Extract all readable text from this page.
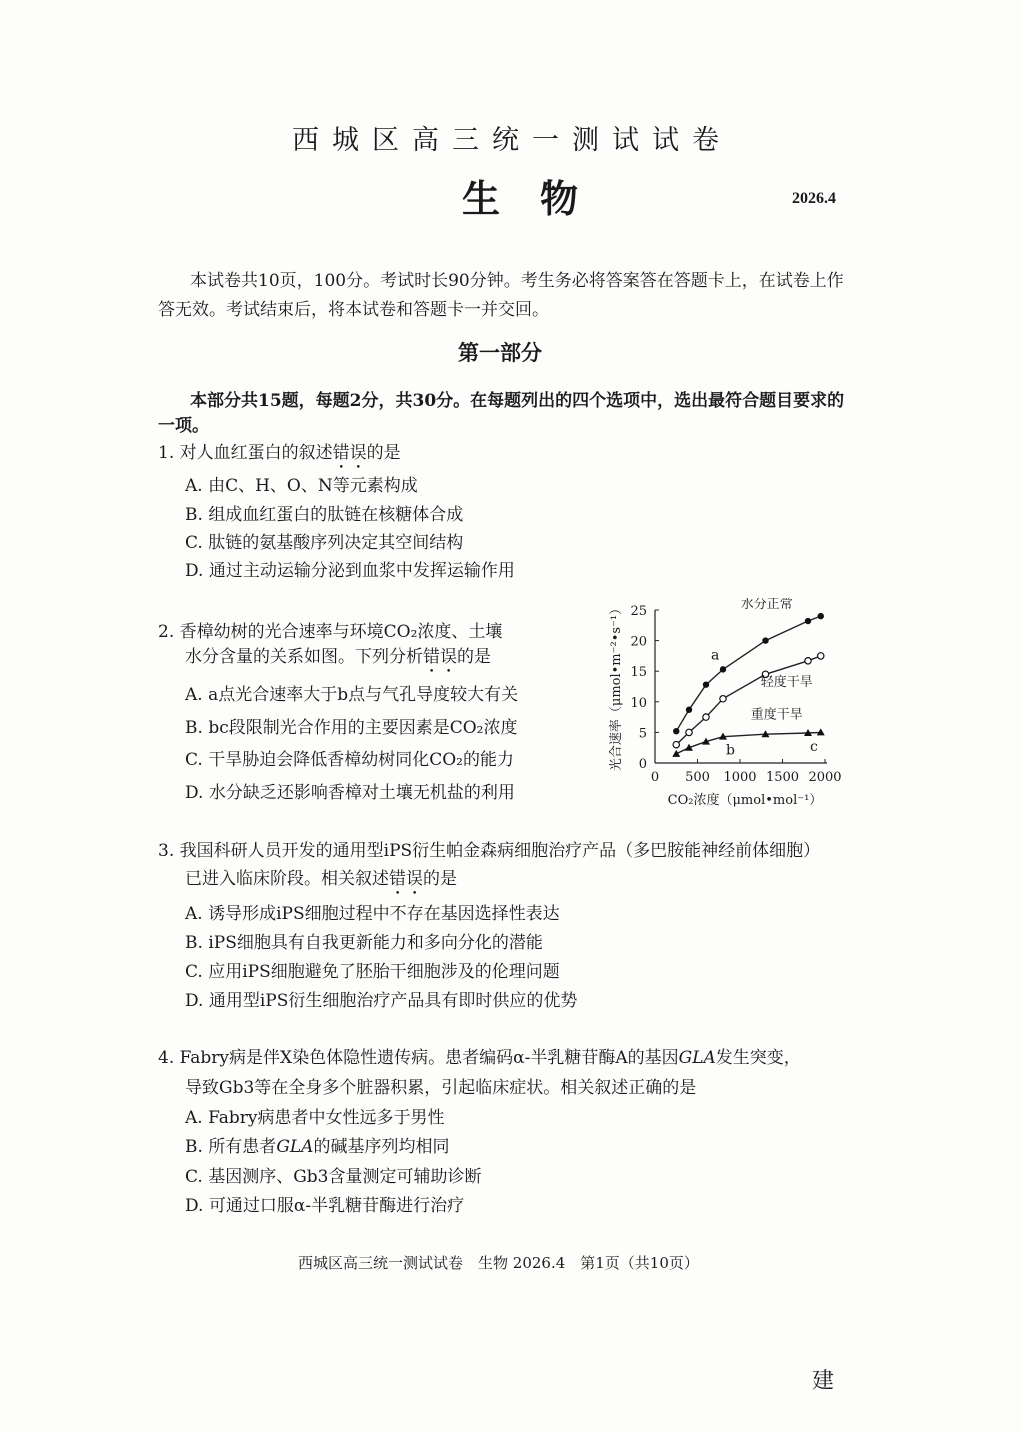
西城区高三统一测试试卷
生物	2026.4
本试卷共10页，100分。考试时长90分钟。考生务必将答案答在答题卡上，在试卷上作
答无效。考试结束后，将本试卷和答题卡一并交回。
第一部分
本部分共15题，每题2分，共30分。在每题列出的四个选项中，选出最符合题目要求的
一项。
1. 对人血红蛋白的叙述错误的是
A. 由C、H、O、N等元素构成
B. 组成血红蛋白的肽链在核糖体合成
C. 肽链的氨基酸序列决定其空间结构
D. 通过主动运输分泌到血浆中发挥运输作用
2. 香樟幼树的光合速率与环境CO₂浓度、土壤
水分含量的关系如图。下列分析错误的是
A. a点光合速率大于b点与气孔导度较大有关
B. bc段限制光合作用的主要因素是CO₂浓度
C. 干旱胁迫会降低香樟幼树同化CO₂的能力
D. 水分缺乏还影响香樟对土壤无机盐的利用
0 500 1000 1500 2000
0
5
10
15
20
25
CO₂浓度（μmol•mol⁻¹）
光合速率（μmol•m⁻²•s⁻¹）	水分正常
轻度干旱
重度干旱
a
b	c
3. 我国科研人员开发的通用型iPS衍生帕金森病细胞治疗产品（多巴胺能神经前体细胞）
已进入临床阶段。相关叙述错误的是
A. 诱导形成iPS细胞过程中不存在基因选择性表达
B. iPS细胞具有自我更新能力和多向分化的潜能
C. 应用iPS细胞避免了胚胎干细胞涉及的伦理问题
D. 通用型iPS衍生细胞治疗产品具有即时供应的优势
4. Fabry病是伴X染色体隐性遗传病。患者编码α-半乳糖苷酶A的基因GLA发生突变，
导致Gb3等在全身多个脏器积累，引起临床症状。相关叙述正确的是
A. Fabry病患者中女性远多于男性
B. 所有患者GLA的碱基序列均相同
C. 基因测序、Gb3含量测定可辅助诊断
D. 可通过口服α-半乳糖苷酶进行治疗
西城区高三统一测试试卷　生物 2026.4　第1页（共10页）
建
